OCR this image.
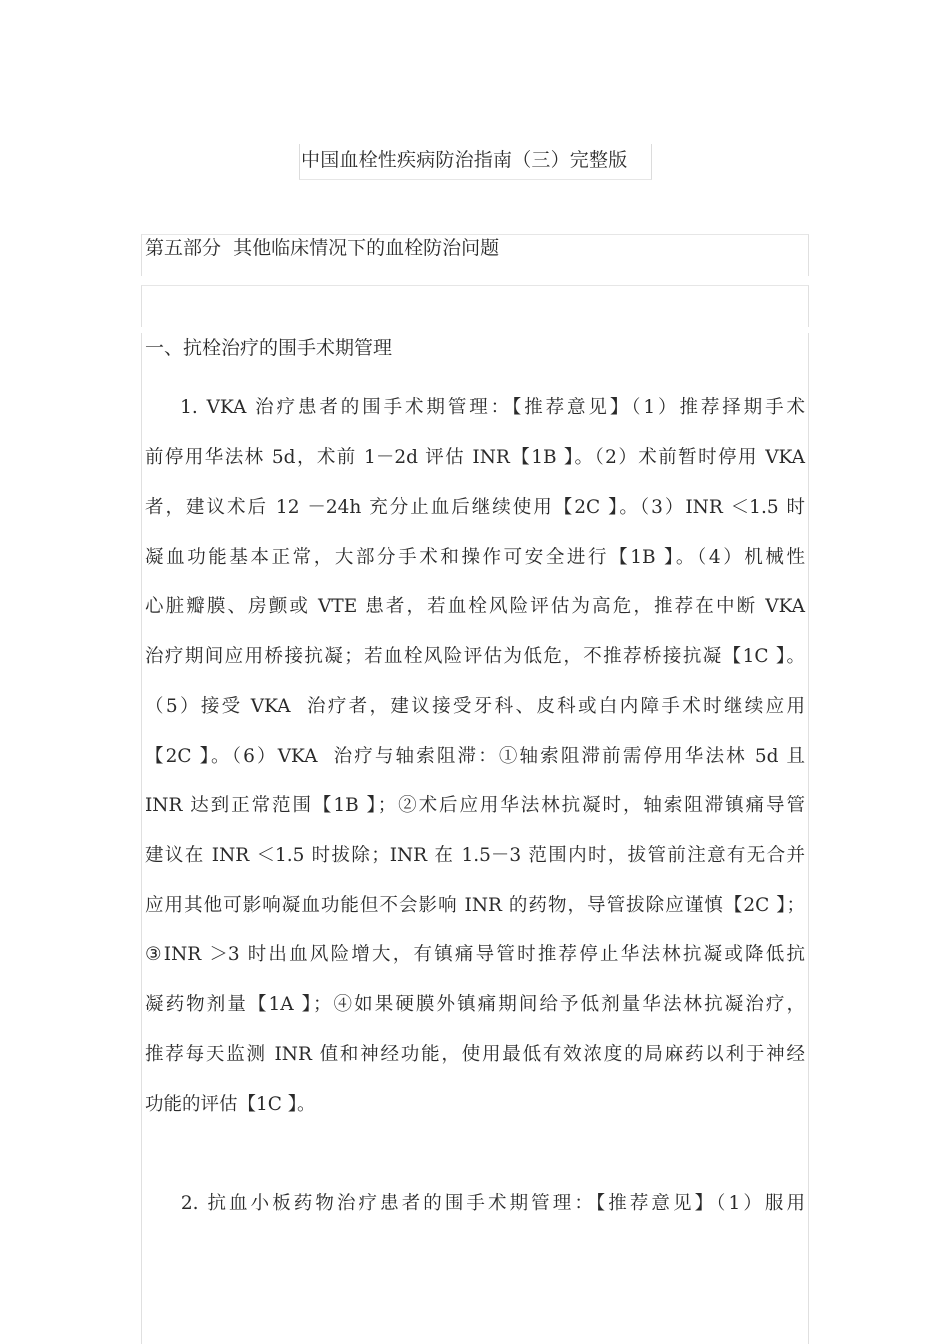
中国血栓性疾病防治指南（三）完整版
第五部分  其他临床情况下的血栓防治问题
一、抗栓治疗的围手术期管理
1. VKA 治疗患者的围手术期管理：【推荐意见】（1）推荐择期手术
前停用华法林 5d，术前 1－2d 评估 INR【1B 】。（2）术前暂时停用 VKA
者，建议术后 12 －24h 充分止血后继续使用【2C 】。（3）INR ＜1.5 时
凝血功能基本正常，大部分手术和操作可安全进行【1B 】。（4）机械性
心脏瓣膜、房颤或 VTE 患者，若血栓风险评估为高危，推荐在中断 VKA
治疗期间应用桥接抗凝；若血栓风险评估为低危，不推荐桥接抗凝【1C 】。
（5）接受 VKA  治疗者，建议接受牙科、皮科或白内障手术时继续应用
【2C 】。（6）VKA  治疗与轴索阻滞：①轴索阻滞前需停用华法林 5d 且
INR 达到正常范围【1B 】；②术后应用华法林抗凝时，轴索阻滞镇痛导管
建议在 INR ＜1.5 时拔除；INR 在 1.5－3 范围内时，拔管前注意有无合并
应用其他可影响凝血功能但不会影响 INR 的药物，导管拔除应谨慎【2C 】；
③INR ＞3 时出血风险增大，有镇痛导管时推荐停止华法林抗凝或降低抗
凝药物剂量【1A 】；④如果硬膜外镇痛期间给予低剂量华法林抗凝治疗，
推荐每天监测 INR 值和神经功能，使用最低有效浓度的局麻药以利于神经
功能的评估【1C 】。
2. 抗血小板药物治疗患者的围手术期管理：【推荐意见】（1）服用
